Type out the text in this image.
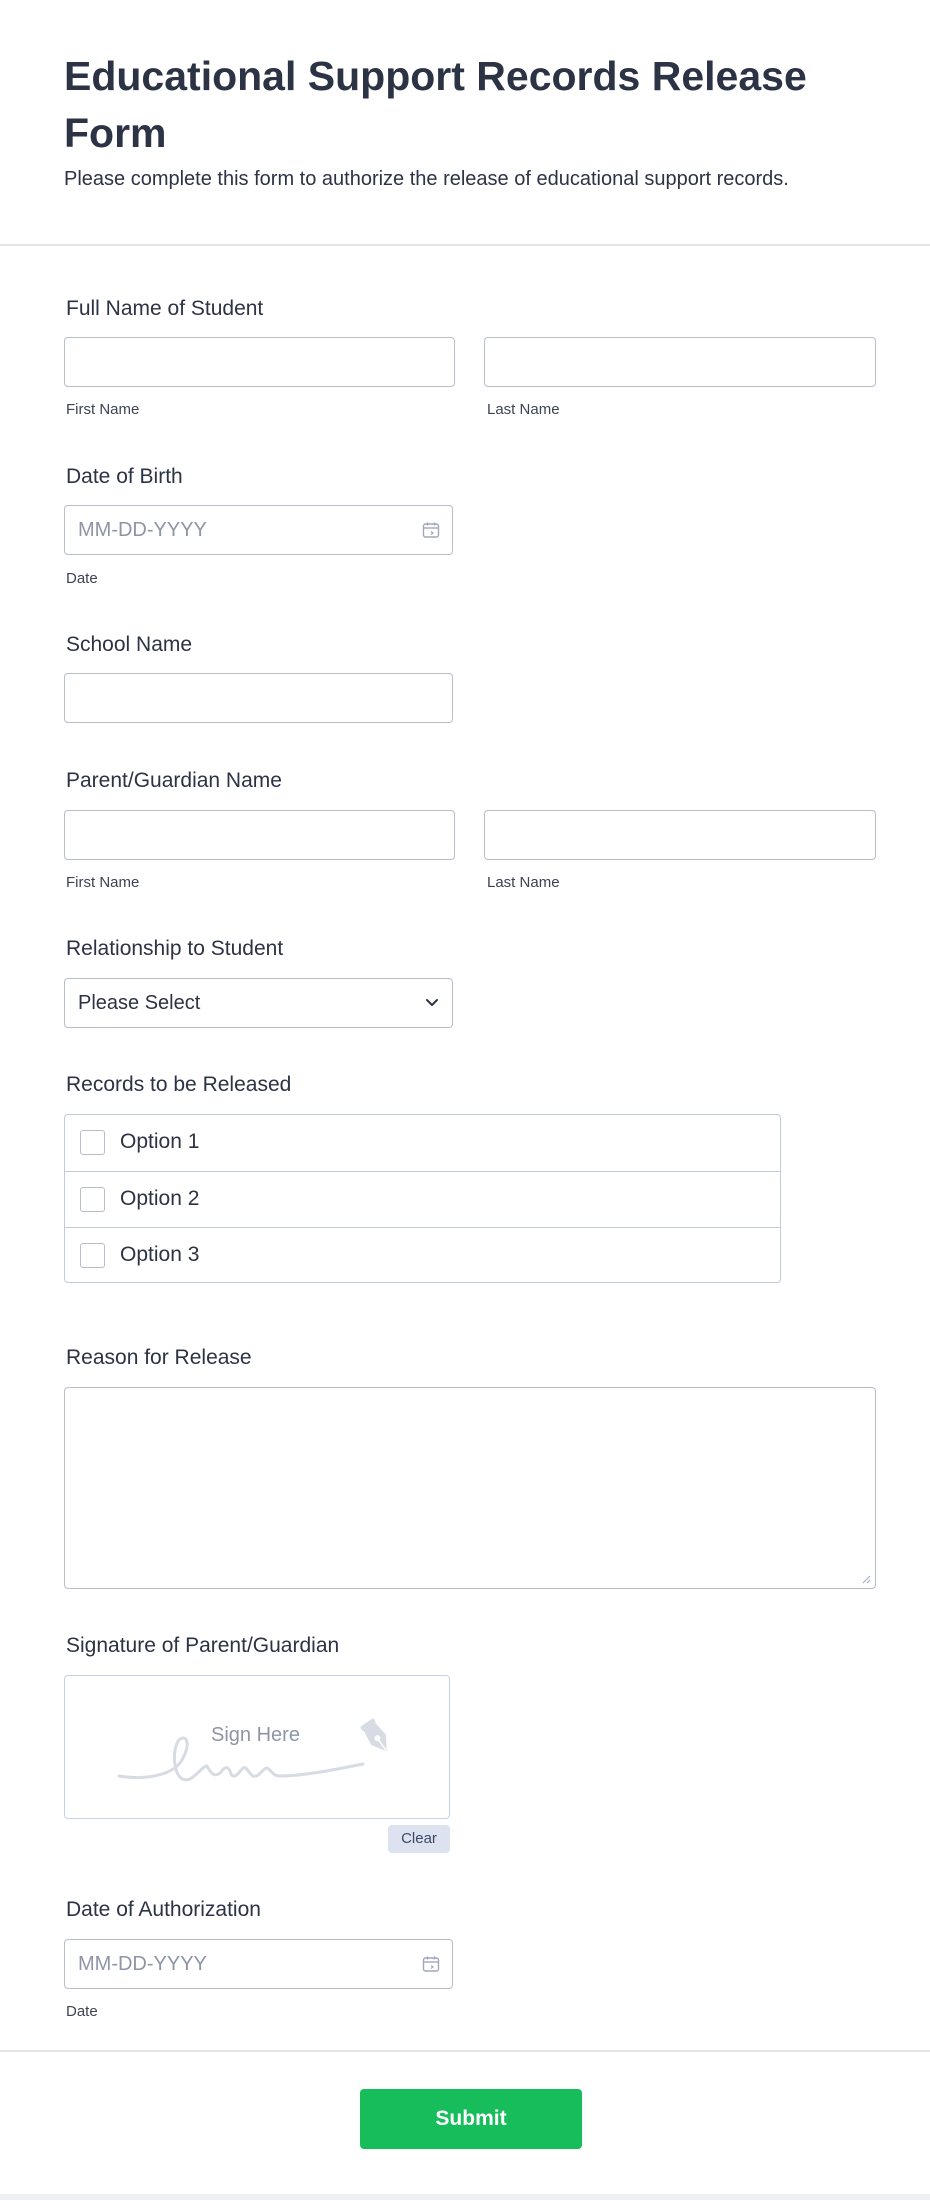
Educational Support Records Release Form

Please complete this form to authorize the release of educational support records.

Full Name of Student
First Name	Last Name
Date of Birth
MM-DD-YYYY
Date
School Name
Parent/Guardian Name
First Name	Last Name
Relationship to Student
Please Select
Records to be Released
Option 1
Option 2
Option 3
Reason for Release
Signature of Parent/Guardian
Sign Here
Clear
Date of Authorization
MM-DD-YYYY
Date
Submit
